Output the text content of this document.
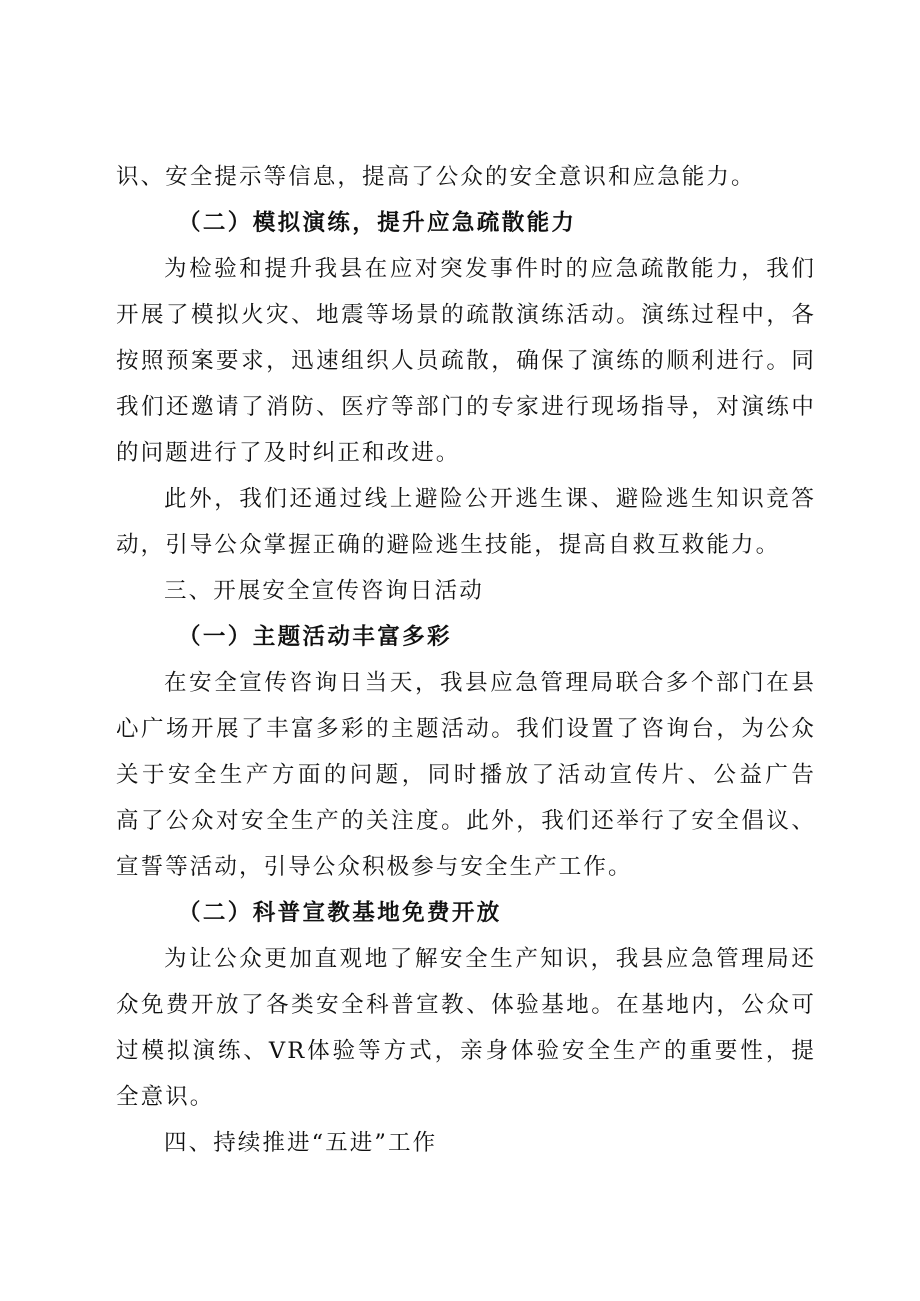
识、安全提示等信息，提高了公众的安全意识和应急能力。
（二）模拟演练，提升应急疏散能力
为检验和提升我县在应对突发事件时的应急疏散能力，我们
开展了模拟火灾、地震等场景的疏散演练活动。演练过程中，各
按照预案要求，迅速组织人员疏散，确保了演练的顺利进行。同
我们还邀请了消防、医疗等部门的专家进行现场指导，对演练中
的问题进行了及时纠正和改进。
此外，我们还通过线上避险公开逃生课、避险逃生知识竞答
动，引导公众掌握正确的避险逃生技能，提高自救互救能力。
三、开展安全宣传咨询日活动
（一）主题活动丰富多彩
在安全宣传咨询日当天，我县应急管理局联合多个部门在县
心广场开展了丰富多彩的主题活动。我们设置了咨询台，为公众
关于安全生产方面的问题，同时播放了活动宣传片、公益广告
高了公众对安全生产的关注度。此外，我们还举行了安全倡议、
宣誓等活动，引导公众积极参与安全生产工作。
（二）科普宣教基地免费开放
为让公众更加直观地了解安全生产知识，我县应急管理局还
众免费开放了各类安全科普宣教、体验基地。在基地内，公众可
过模拟演练、VR体验等方式，亲身体验安全生产的重要性，提
全意识。
四、持续推进“五进”工作
